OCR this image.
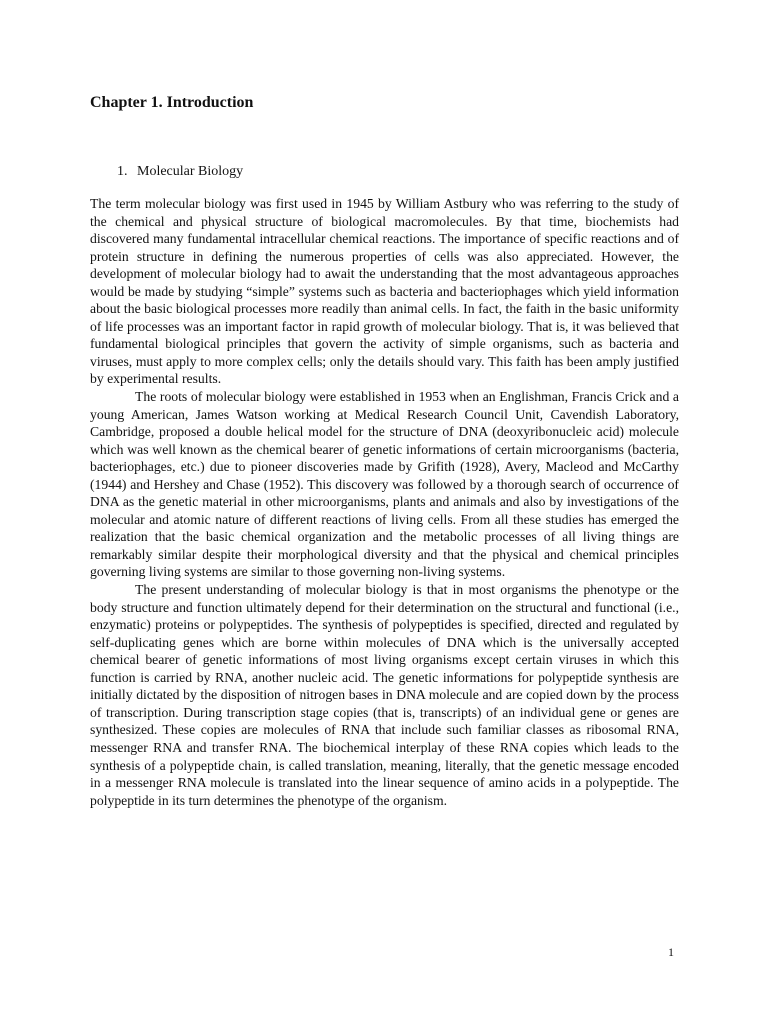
Chapter 1. Introduction
1. Molecular Biology

The term molecular biology was first used in 1945 by William Astbury who was referring to the study of the chemical and physical structure of biological macromolecules. By that time, biochemists had discovered many fundamental intracellular chemical reactions. The importance of specific reactions and of protein structure in defining the numerous properties of cells was also appreciated. However, the development of molecular biology had to await the understanding that the most advantageous approaches would be made by studying “simple” systems such as bacteria and bacteriophages which yield information about the basic biological processes more readily than animal cells. In fact, the faith in the basic uniformity of life processes was an important factor in rapid growth of molecular biology. That is, it was believed that fundamental biological principles that govern the activity of simple organisms, such as bacteria and viruses, must apply to more complex cells; only the details should vary. This faith has been amply justified by experimental results.

The roots of molecular biology were established in 1953 when an Englishman, Francis Crick and a young American, James Watson working at Medical Research Council Unit, Cavendish Laboratory, Cambridge, proposed a double helical model for the structure of DNA (deoxyribonucleic acid) molecule which was well known as the chemical bearer of genetic informations of certain microorganisms (bacteria, bacteriophages, etc.) due to pioneer discoveries made by Grifith (1928), Avery, Macleod and McCarthy (1944) and Hershey and Chase (1952). This discovery was followed by a thorough search of occurrence of DNA as the genetic material in other microorganisms, plants and animals and also by investigations of the molecular and atomic nature of different reactions of living cells. From all these studies has emerged the realization that the basic chemical organization and the metabolic processes of all living things are remarkably similar despite their morphological diversity and that the physical and chemical principles governing living systems are similar to those governing non-living systems.

The present understanding of molecular biology is that in most organisms the phenotype or the body structure and function ultimately depend for their determination on the structural and functional (i.e., enzymatic) proteins or polypeptides. The synthesis of polypeptides is specified, directed and regulated by self-duplicating genes which are borne within molecules of DNA which is the universally accepted chemical bearer of genetic informations of most living organisms except certain viruses in which this function is carried by RNA, another nucleic acid. The genetic informations for polypeptide synthesis are initially dictated by the disposition of nitrogen bases in DNA molecule and are copied down by the process of transcription. During transcription stage copies (that is, transcripts) of an individual gene or genes are synthesized. These copies are molecules of RNA that include such familiar classes as ribosomal RNA, messenger RNA and transfer RNA. The biochemical interplay of these RNA copies which leads to the synthesis of a polypeptide chain, is called translation, meaning, literally, that the genetic message encoded in a messenger RNA molecule is translated into the linear sequence of amino acids in a polypeptide. The polypeptide in its turn determines the phenotype of the organism.

1
